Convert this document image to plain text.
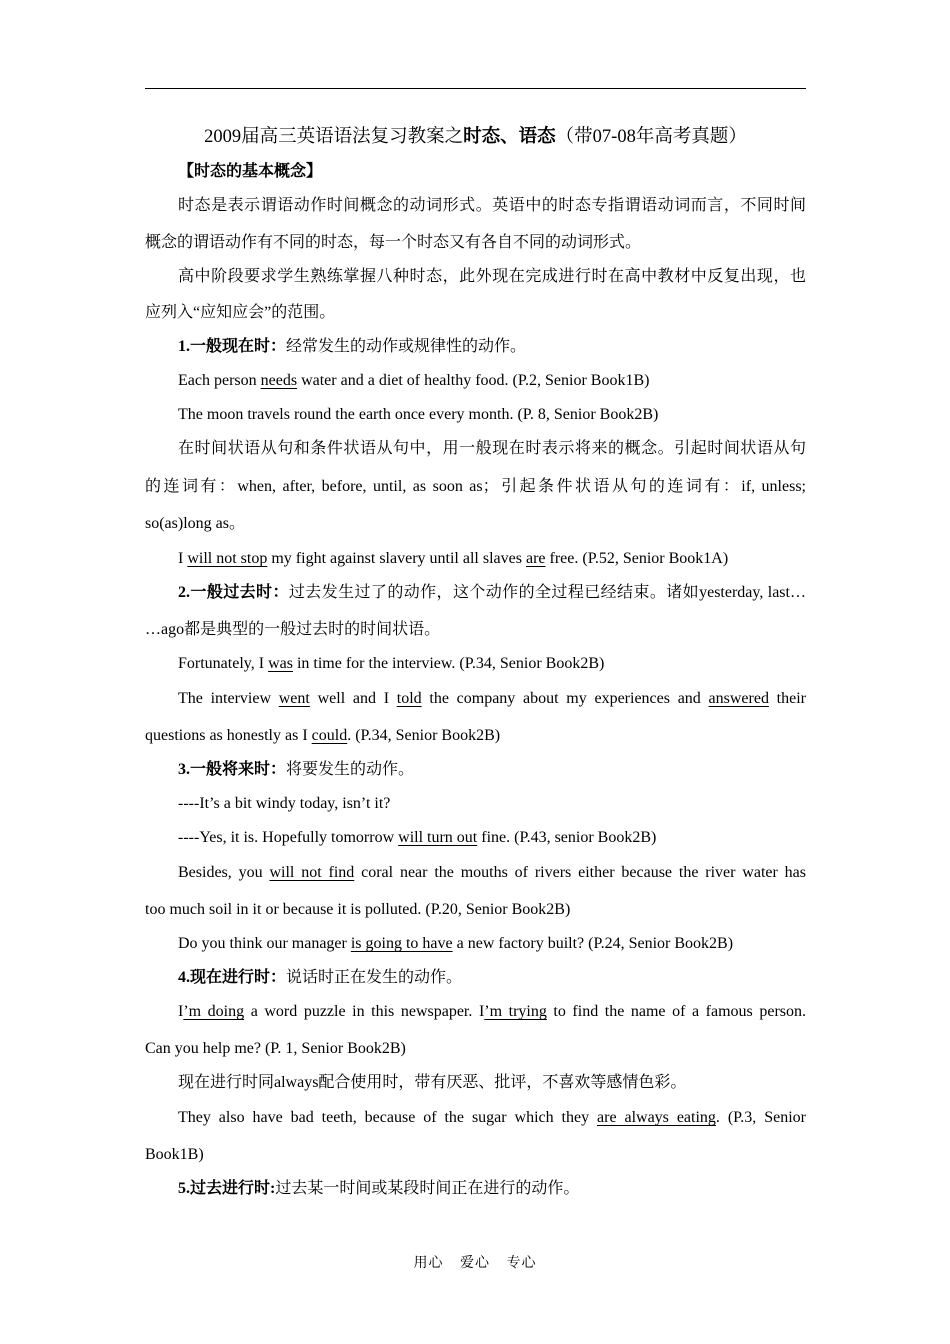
2009届高三英语语法复习教案之时态、语态（带07-08年高考真题）
【时态的基本概念】
时态是表示谓语动作时间概念的动词形式。英语中的时态专指谓语动词而言，不同时间
概念的谓语动作有不同的时态，每一个时态又有各自不同的动词形式。
高中阶段要求学生熟练掌握八种时态，此外现在完成进行时在高中教材中反复出现，也
应列入“应知应会”的范围。
1.一般现在时：经常发生的动作或规律性的动作。
Each person needs water and a diet of healthy food. (P.2, Senior Book1B)
The moon travels round the earth once every month. (P. 8, Senior Book2B)
在时间状语从句和条件状语从句中，用一般现在时表示将来的概念。引起时间状语从句
的连词有：when, after, before, until, as soon as；引起条件状语从句的连词有：if, unless;
so(as)long as。
I will not stop my fight against slavery until all slaves are free. (P.52, Senior Book1A)
2.一般过去时：过去发生过了的动作，这个动作的全过程已经结束。诸如yesterday, last…
…ago都是典型的一般过去时的时间状语。
Fortunately, I was in time for the interview. (P.34, Senior Book2B)
The interview went well and I told the company about my experiences and answered their
questions as honestly as I could. (P.34, Senior Book2B)
3.一般将来时：将要发生的动作。
----It’s a bit windy today, isn’t it?
----Yes, it is. Hopefully tomorrow will turn out fine. (P.43, senior Book2B)
Besides, you will not find coral near the mouths of rivers either because the river water has
too much soil in it or because it is polluted. (P.20, Senior Book2B)
Do you think our manager is going to have a new factory built? (P.24, Senior Book2B)
4.现在进行时：说话时正在发生的动作。
I’m doing a word puzzle in this newspaper. I’m trying to find the name of a famous person.
Can you help me? (P. 1, Senior Book2B)
现在进行时同always配合使用时，带有厌恶、批评，不喜欢等感情色彩。
They also have bad teeth, because of the sugar which they are always eating. (P.3, Senior
Book1B)
5.过去进行时:过去某一时间或某段时间正在进行的动作。
用心 爱心 专心
